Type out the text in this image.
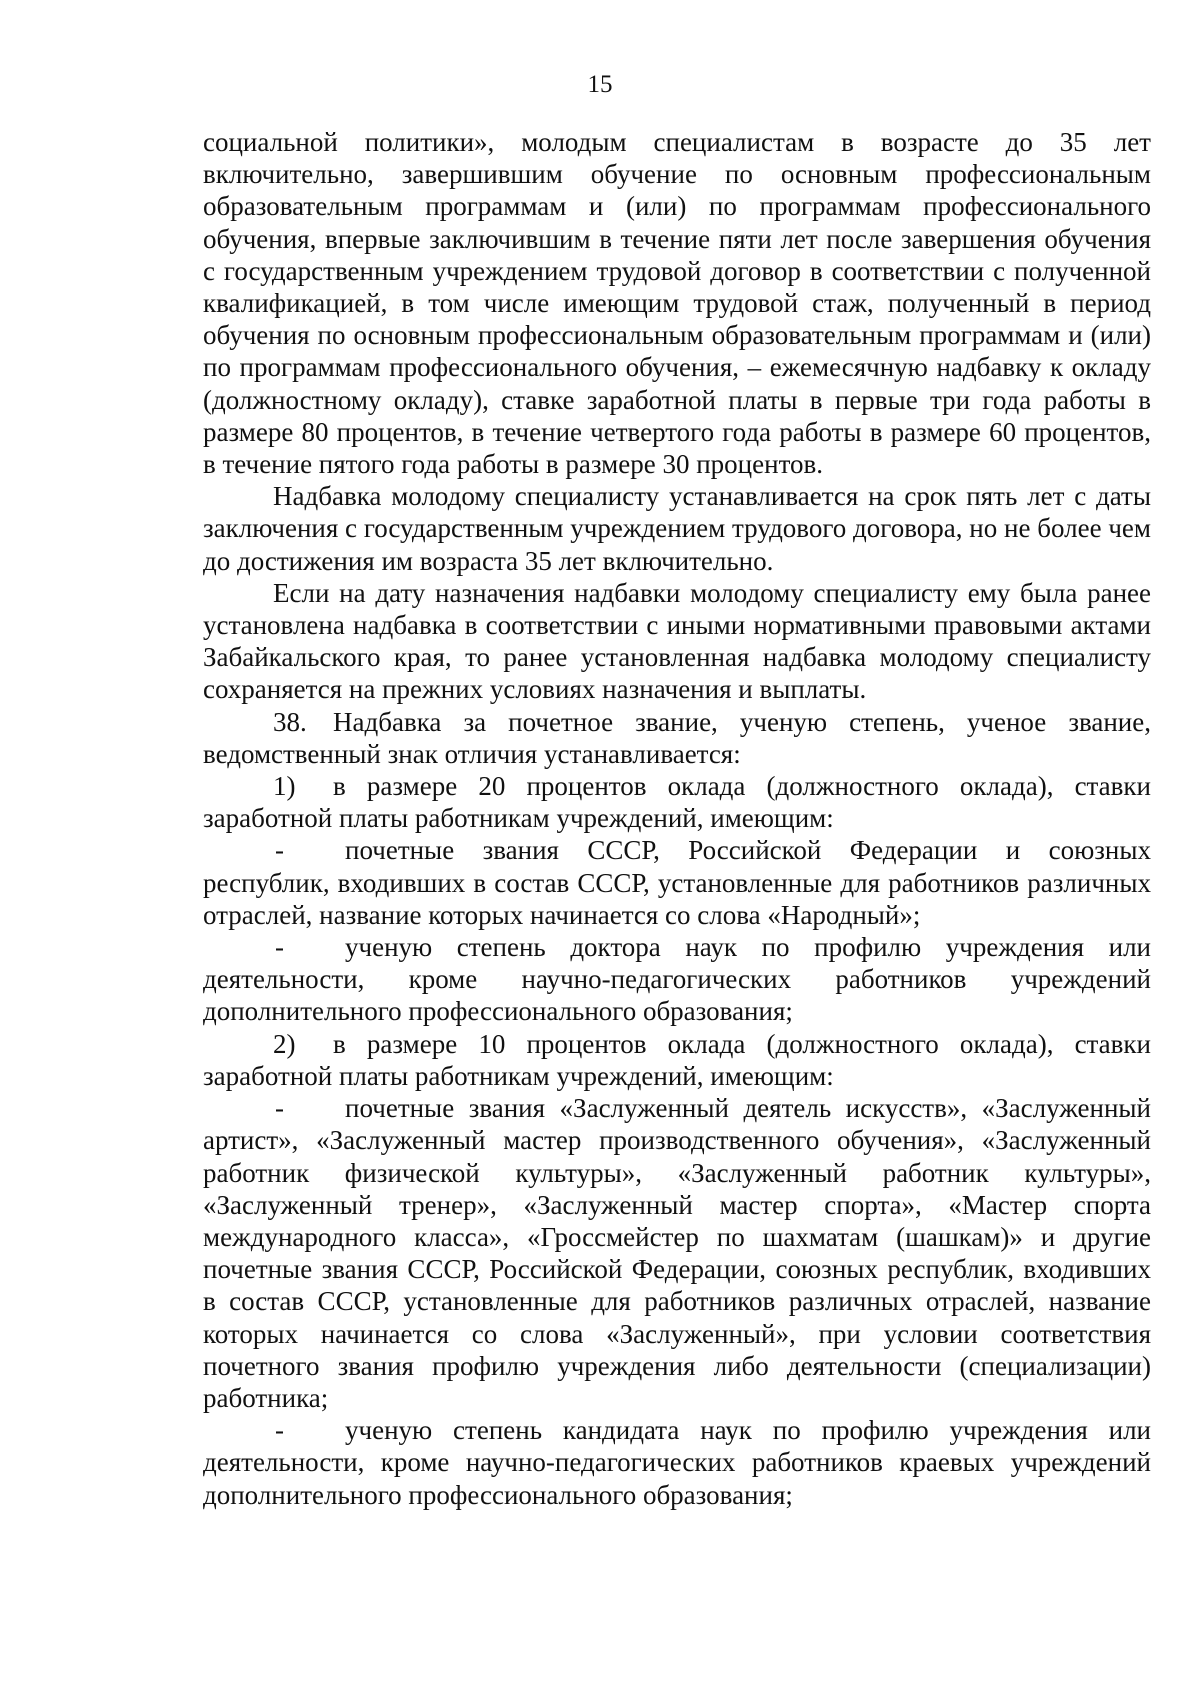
15

социальной политики», молодым специалистам в возрасте до 35 лет включительно, завершившим обучение по основным профессиональным образовательным программам и (или) по программам профессионального обучения, впервые заключившим в течение пяти лет после завершения обучения с государственным учреждением трудовой договор в соответствии с полученной квалификацией, в том числе имеющим трудовой стаж, полученный в период обучения по основным профессиональным образовательным программам и (или) по программам профессионального обучения, – ежемесячную надбавку к окладу (должностному окладу), ставке заработной платы в первые три года работы в размере 80 процентов, в течение четвертого года работы в размере 60 процентов, в течение пятого года работы в размере 30 процентов.

Надбавка молодому специалисту устанавливается на срок пять лет с даты заключения с государственным учреждением трудового договора, но не более чем до достижения им возраста 35 лет включительно.

Если на дату назначения надбавки молодому специалисту ему была ранее установлена надбавка в соответствии с иными нормативными правовыми актами Забайкальского края, то ранее установленная надбавка молодому специалисту сохраняется на прежних условиях назначения и выплаты.

38. Надбавка за почетное звание, ученую степень, ученое звание, ведомственный знак отличия устанавливается:

1) в размере 20 процентов оклада (должностного оклада), ставки заработной платы работникам учреждений, имеющим:

- почетные звания СССР, Российской Федерации и союзных республик, входивших в состав СССР, установленные для работников различных отраслей, название которых начинается со слова «Народный»;

- ученую степень доктора наук по профилю учреждения или деятельности, кроме научно-педагогических работников учреждений дополнительного профессионального образования;

2) в размере 10 процентов оклада (должностного оклада), ставки заработной платы работникам учреждений, имеющим:

- почетные звания «Заслуженный деятель искусств», «Заслуженный артист», «Заслуженный мастер производственного обучения», «Заслуженный работник физической культуры», «Заслуженный работник культуры», «Заслуженный тренер», «Заслуженный мастер спорта», «Мастер спорта международного класса», «Гроссмейстер по шахматам (шашкам)» и другие почетные звания СССР, Российской Федерации, союзных республик, входивших в состав СССР, установленные для работников различных отраслей, название которых начинается со слова «Заслуженный», при условии соответствия почетного звания профилю учреждения либо деятельности (специализации) работника;

- ученую степень кандидата наук по профилю учреждения или деятельности, кроме научно-педагогических работников краевых учреждений дополнительного профессионального образования;
